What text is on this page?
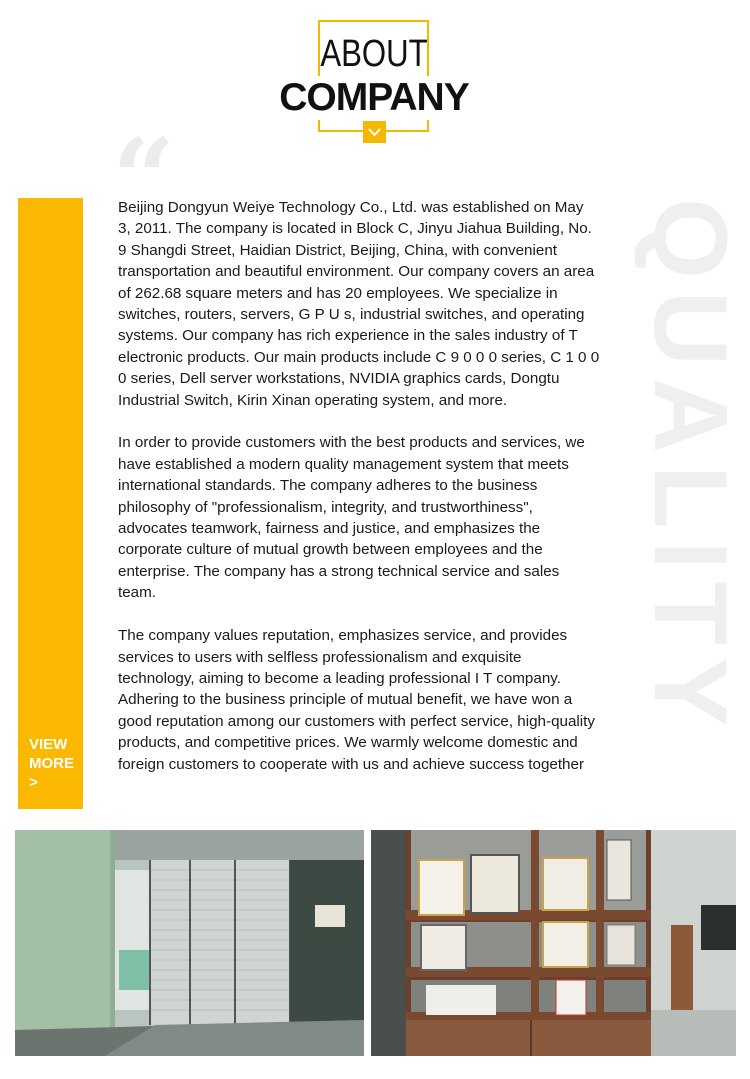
ABOUT
COMPANY
“
QUALITY
VIEW
MORE
>

Beijing Dongyun Weiye Technology Co., Ltd. was established on May 3, 2011. The company is located in Block C, Jinyu Jiahua Building, No. 9 Shangdi Street, Haidian District, Beijing, China, with convenient transportation and beautiful environment. Our company covers an area of 262.68 square meters and has 20 employees. We specialize in switches, routers, servers, G P U s, industrial switches, and operating systems. Our company has rich experience in the sales industry of T electronic products. Our main products include C 9 0 0 0 series, C 1 0 0 0 series, Dell server workstations, NVIDIA graphics cards, Dongtu Industrial Switch, Kirin Xinan operating system, and more.

In order to provide customers with the best products and services, we have established a modern quality management system that meets international standards. The company adheres to the business philosophy of "professionalism, integrity, and trustworthiness", advocates teamwork, fairness and justice, and emphasizes the corporate culture of mutual growth between employees and the enterprise. The company has a strong technical service and sales team.

The company values reputation, emphasizes service, and provides services to users with selfless professionalism and exquisite technology, aiming to become a leading professional I T company. Adhering to the business principle of mutual benefit, we have won a good reputation among our customers with perfect service, high-quality products, and competitive prices. We warmly welcome domestic and foreign customers to cooperate with us and achieve success together
